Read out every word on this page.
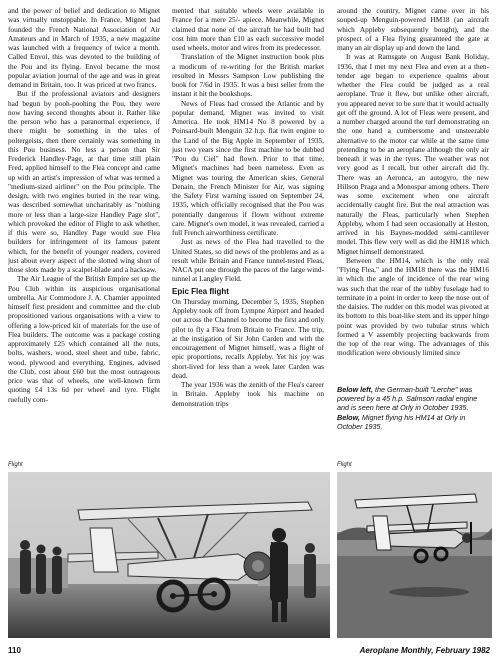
and the power of belief and dedication to Mignet was virtually unstoppable. In France, Mignet had founded the French National Association of Air Amateurs and in March of 1935, a new magazine was launched with a frequency of twice a month. Called Envol, this was devoted to the building of the Pou and its flying. Envol became the most popular aviation journal of the age and was in great demand in Britain, too. It was priced at two francs.

But if the professional aviators and designers had begun by pooh-poohing the Pou, they were now having second thoughts about it. Rather like the person who has a paranormal experience, if there might be something in the tales of poltergeists, then there certainly was something in this Pou business. No less a person than Sir Frederick Handley-Page, at that time still plain Fred, applied himself to the Flea concept and came up with an artist's impression of what was termed a "medium-sized airliner" on the Pou principle. The design, with two engines buried in the rear wing, was described somewhat uncharitably as "nothing more or less than a large-size Handley Page slot", which provoked the editor of Flight to ask whether, if this were so, Handley Page would sue Flea builders for infringement of its famous patent which, for the benefit of younger readers, covered just about every aspect of the slotted wing short of those slots made by a scalpel-blade and a hacksaw.

The Air League of the British Empire set up the Pou Club within its auspicious organisational umbrella. Air Commodore J. A. Chamier appointed himself first president and committee and the club propositioned various organisations with a view to offering a low-priced kit of materials for the use of Flea builders. The outcome was a package costing approximately £25 which contained all the nuts, bolts, washers, wood, steel sheet and tube, fabric, wood, plywood and everything. Engines, advised the Club, cost about £60 but the most outrageous price was that of wheels, one well-known firm quoting £4 13s 6d per wheel and tyre. Flight ruefully com-

mented that suitable wheels were available in France for a mere 25/- apiece. Meanwhile, Mignet claimed that none of the aircraft he had built had cost him more than £10 as each successive model used wheels, motor and wires from its predecessor.

Translation of the Mignet instruction book plus a modicum of re-writing for the British market resulted in Messrs Sampson Low publishing the book for 7/6d in 1935. It was a best seller from the instant it hit the bookshops.

News of Fleas had crossed the Atlantic and by popular demand, Mignet was invited to visit America. He took HM14 No 8 powered by a Poinsard-built Menguin 32 h.p. flat twin engine to the Land of the Big Apple in September of 1935, just two years since the first machine to be dubbed "Pou du Ciel" had flown. Prior to that time, Mignet's machines had been nameless. Even as Mignet was touring the American skies, General Denain, the French Minister for Air, was signing the Safety First warning issued on September 24, 1935, which officially recognised that the Pou was potentially dangerous if flown without extreme care. Mignet's own model, it was revealed, carried a full French airworthiness certificate.

Just as news of the Flea had travelled to the United States, so did news of the problems and as a result while Britain and France tunnel-tested Fleas, NACA put one through the paces of the large wind-tunnel at Langley Field.

Epic Flea flight

On Thursday morning, December 5, 1935, Stephen Appleby took off from Lympne Airport and headed out across the Channel to become the first and only pilot to fly a Flea from Britain to France. The trip, at the instigation of Sir John Carden and with the encouragement of Mignet himself, was a flight of epic proportions, recalls Appleby. Yet his joy was short-lived for less than a week later Carden was dead.

The year 1936 was the zenith of the Flea's career in Britain. Appleby took his machine on demonstration trips

around the country, Mignet came over in his souped-up Menguin-powered HM18 (an aircraft which Appleby subsequently bought), and the prospect of a Flea flying guaranteed the gate at many an air display up and down the land.

It was at Ramsgate on August Bank Holiday, 1936, that I met my next Flea and even at a then-tender age began to experience qualms about whether the Flea could be judged as a real aeroplane. True it flew, but unlike other aircraft, you appeared never to be sure that it would actually get off the ground. A lot of Fleas were present, and a number charged around the turf demonstrating on the one hand a cumbersome and unsteerable alternative to the motor car while at the same time pretending to be an aeroplane although the only air beneath it was in the tyres. The weather was not very good as I recall, but other aircraft did fly. There was an Aeronca, an autogyro, the new Hillson Praga and a Monospar among others. There was some excitement when one aircraft accidentally caught fire. But the real attraction was naturally the Fleas, particularly when Stephen Appleby, whom I had seen occasionally at Heston, arrived in his Baynes-modded semi-cantilever model. This flew very well as did the HM18 which Mignet himself demonstrated.

Between the HM14, which is the only real "Flying Flea," and the HM18 there was the HM16 in which the angle of incidence of the rear wing was such that the rear of the tubby fuselage had to terminate in a point in order to keep the nose out of the daisies. The rudder on this model was pivoted at its bottom to this boat-like stem and its upper hinge point was provided by two tubular struts which formed a V assembly projecting backwards from the top of the rear wing. The advantages of this modification were obviously limited since

Below left, the German-built "Lerche" was powered by a 45 h.p. Salmson radial engine and is seen here at Orly in October 1935. Below, Mignet flying his HM14 at Orly in October 1935.
Flight	Flight
110	Aeroplane Monthly, February 1982
